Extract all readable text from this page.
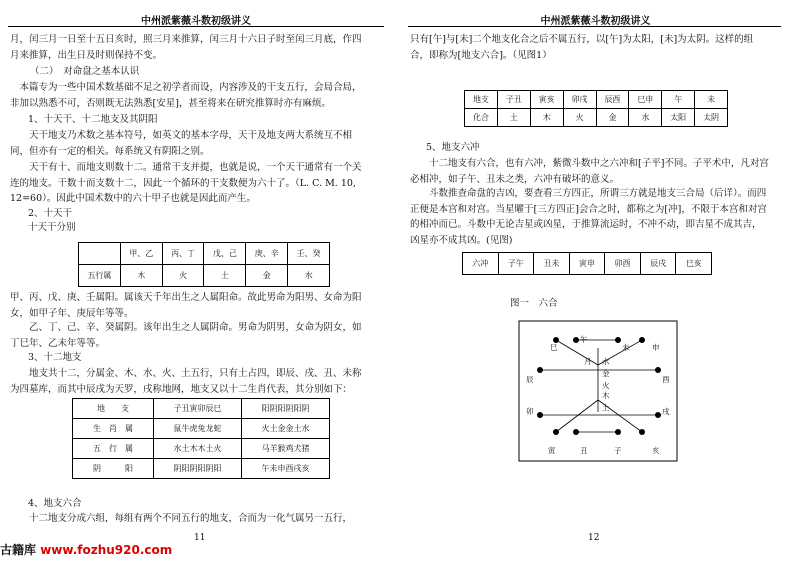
中州派紫薇斗数初级讲义

月，闰三月一日至十五日亥时，照三月来推算，闰三月十六日子时至闰三月底，作四月来推算，出生日及时则保持不变。

（二）　对命盘之基本认识

本篇专为一些中国术数基础不足之初学者而设，内容涉及的干支五行，会局合局，非加以熟悉不可，否则既无法熟悉[安星]，甚至将来在研究推算时亦有麻烦。

1、十天干、十二地支及其阴阳

天干地支乃术数之基本符号，如英文的基本字母，天干及地支两大系统互不相同，但亦有一定的相关。每系统又有阴阳之别。

天干有十、而地支则数十二。通常干支并提，也就是说，一个天干通常有一个关连的地支。干数十而支数十二，因此一个循环的干支数便为六十了。（L. C. M. 10, 12=60）。因此中国术数中的六十甲子也就是因此而产生。

2、十天干

十天干分别

	甲、乙	丙、丁	戊、己	庚、辛	壬、癸
五行属	木	火	土	金	水

甲、丙、戊、庚、壬属阳。属该天千年出生之人属阳命。故此男命为阳男、女命为阳女，如甲子年、庚辰年等等。

乙、丁、己、辛、癸属阴。该年出生之人属阴命。男命为阴男，女命为阴女，如丁巳年、乙未年等等。

3、十二地支

地支共十二，分属金、木、水、火、土五行，只有土占四，即辰、戌、丑、未称为四墓库，而其中辰戌为天罗，戌称地网，地支又以十二生肖代表，其分别如下：

地　　支	子丑寅卯辰巳	阳阴阳阴阳阴
生　肖　属	鼠牛虎兔龙蛇	火土金金土水
五　行　属	水土木木土火	马羊猴鸡犬猪
阴　　　阳	阴阳阴阳阴阳	午未申酉戌亥

4、地支六合

十二地支分成六组，每组有两个不同五行的地支，合而为一化气属另一五行，

11
中州派紫薇斗数初级讲义

只有[午]与[未]二个地支化合之后不属五行，以[午]为太阳，[未]为太阴。这样的组合，即称为[地支六合]。（见图1）

地支	子丑	寅亥	卯戌	辰酉	巳申	午	未
化合	土	木	火	金	水	太阳	太阴

5、地支六冲

十二地支有六合，也有六冲，紫微斗数中之六冲和[子平]不同。子平术中，凡对宫必相冲，如子午、丑未之类，六冲有破坏的意义。

斗数推查命盘的吉凶，要查看三方四正，所谓三方就是地支三合局（后详）。而四正便是本宫和对宫。当星曜于[三方四正]会合之时，都称之为[冲]，不限于本宫和对宫的相冲而已。斗数中无论吉星或凶星，于推算流运时，不冲不动，即吉星不成其吉，凶星亦不成其凶。(见图)

六冲	子午	丑未	寅申	卯酉	辰戌	巳亥
图一　六合
巳
午
未	申
辰
卯
酉
戌
寅	丑	子	亥
月 水
金
火
木
土
12
古籍库 www.fozhu920.com
